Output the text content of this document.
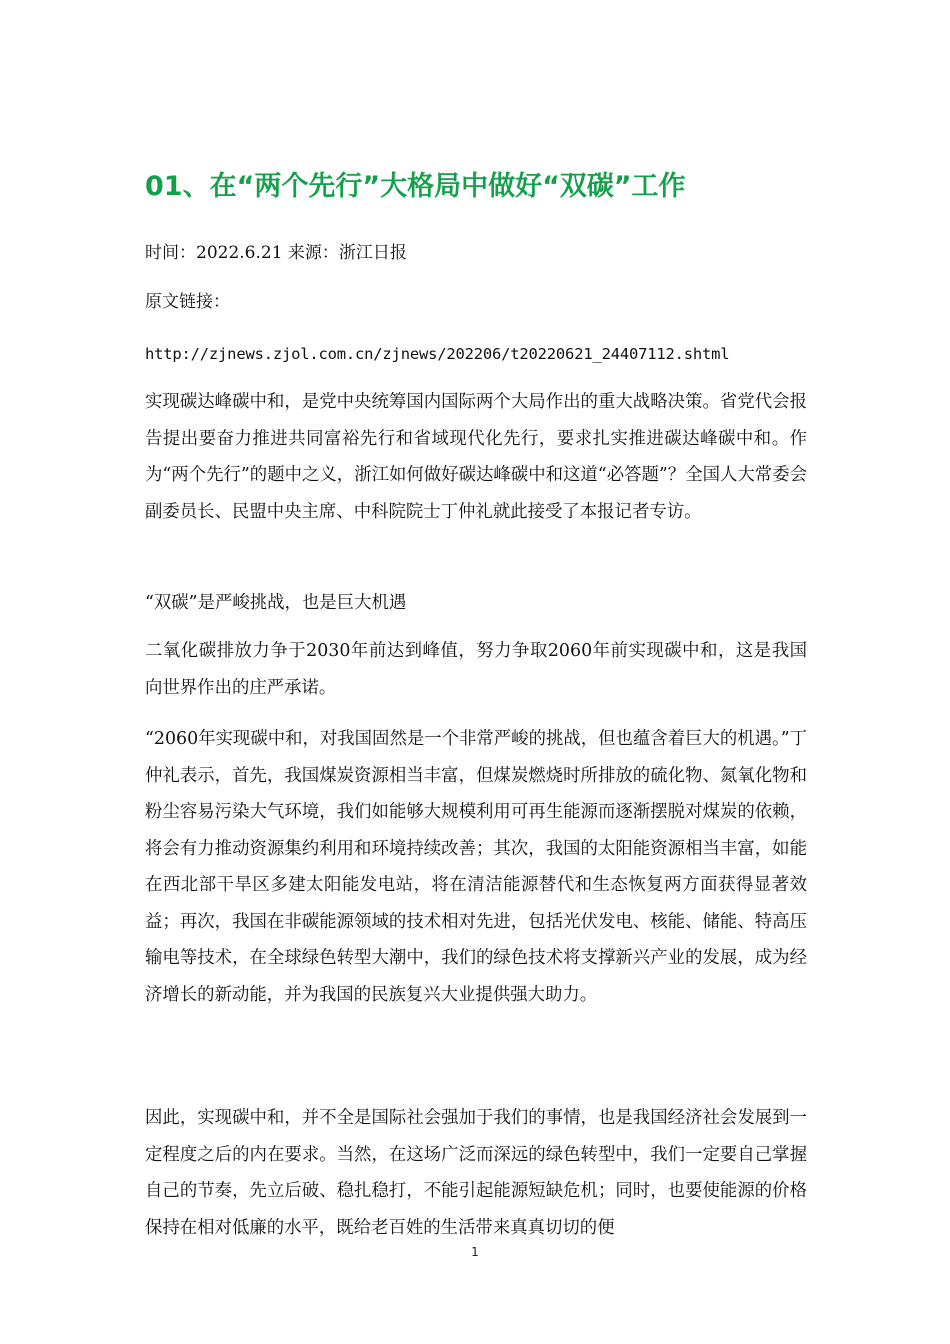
01、在“两个先行”大格局中做好“双碳”工作
时间：2022.6.21 来源：浙江日报
原文链接：
http://zjnews.zjol.com.cn/zjnews/202206/t20220621_24407112.shtml
实现碳达峰碳中和，是党中央统筹国内国际两个大局作出的重大战略决策。省党代会报告提出要奋力推进共同富裕先行和省域现代化先行，要求扎实推进碳达峰碳中和。作为“两个先行”的题中之义，浙江如何做好碳达峰碳中和这道“必答题”？全国人大常委会副委员长、民盟中央主席、中科院院士丁仲礼就此接受了本报记者专访。
“双碳”是严峻挑战，也是巨大机遇
二氧化碳排放力争于2030年前达到峰值，努力争取2060年前实现碳中和，这是我国向世界作出的庄严承诺。
“2060年实现碳中和，对我国固然是一个非常严峻的挑战，但也蕴含着巨大的机遇。”丁仲礼表示，首先，我国煤炭资源相当丰富，但煤炭燃烧时所排放的硫化物、氮氧化物和粉尘容易污染大气环境，我们如能够大规模利用可再生能源而逐渐摆脱对煤炭的依赖，将会有力推动资源集约利用和环境持续改善；其次，我国的太阳能资源相当丰富，如能在西北部干旱区多建太阳能发电站，将在清洁能源替代和生态恢复两方面获得显著效益；再次，我国在非碳能源领域的技术相对先进，包括光伏发电、核能、储能、特高压输电等技术，在全球绿色转型大潮中，我们的绿色技术将支撑新兴产业的发展，成为经济增长的新动能，并为我国的民族复兴大业提供强大助力。
因此，实现碳中和，并不全是国际社会强加于我们的事情，也是我国经济社会发展到一定程度之后的内在要求。当然，在这场广泛而深远的绿色转型中，我们一定要自己掌握自己的节奏，先立后破、稳扎稳打，不能引起能源短缺危机；同时，也要使能源的价格保持在相对低廉的水平，既给老百姓的生活带来真真切切的便
1
